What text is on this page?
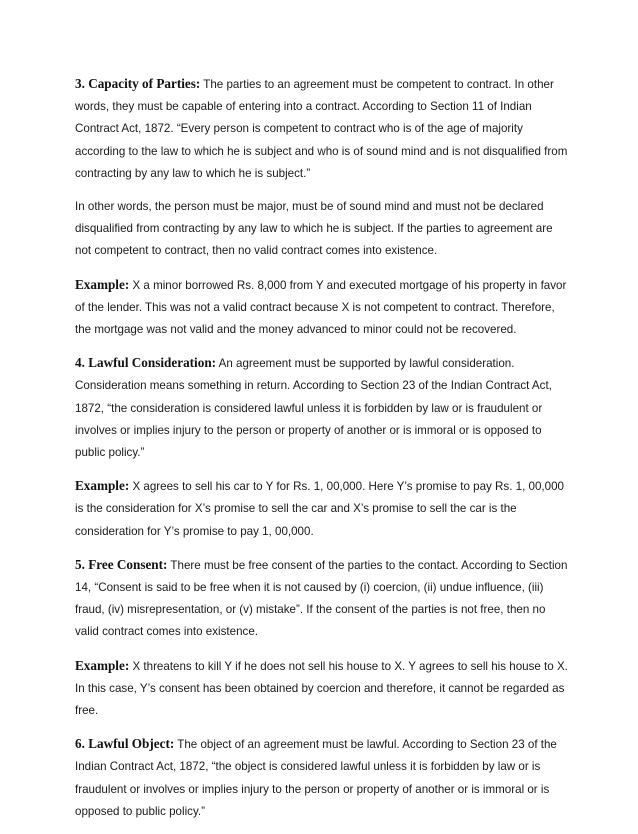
3. Capacity of Parties: The parties to an agreement must be competent to contract. In other words, they must be capable of entering into a contract. According to Section 11 of Indian Contract Act, 1872. “Every person is competent to contract who is of the age of majority according to the law to which he is subject and who is of sound mind and is not disqualified from contracting by any law to which he is subject.”

In other words, the person must be major, must be of sound mind and must not be declared disqualified from contracting by any law to which he is subject. If the parties to agreement are not competent to contract, then no valid contract comes into existence.

Example: X a minor borrowed Rs. 8,000 from Y and executed mortgage of his property in favor of the lender. This was not a valid contract because X is not competent to contract. Therefore, the mortgage was not valid and the money advanced to minor could not be recovered.

4. Lawful Consideration: An agreement must be supported by lawful consideration. Consideration means something in return. According to Section 23 of the Indian Contract Act, 1872, “the consideration is considered lawful unless it is forbidden by law or is fraudulent or involves or implies injury to the person or property of another or is immoral or is opposed to public policy.”

Example: X agrees to sell his car to Y for Rs. 1, 00,000. Here Y’s promise to pay Rs. 1, 00,000 is the consideration for X’s promise to sell the car and X’s promise to sell the car is the consideration for Y’s promise to pay 1, 00,000.

5. Free Consent: There must be free consent of the parties to the contact. According to Section 14, “Consent is said to be free when it is not caused by (i) coercion, (ii) undue influence, (iii) fraud, (iv) misrepresentation, or (v) mistake”. If the consent of the parties is not free, then no valid contract comes into existence.

Example: X threatens to kill Y if he does not sell his house to X. Y agrees to sell his house to X. In this case, Y’s consent has been obtained by coercion and therefore, it cannot be regarded as free.

6. Lawful Object: The object of an agreement must be lawful. According to Section 23 of the Indian Contract Act, 1872, “the object is considered lawful unless it is forbidden by law or is fraudulent or involves or implies injury to the person or property of another or is immoral or is opposed to public policy.”
